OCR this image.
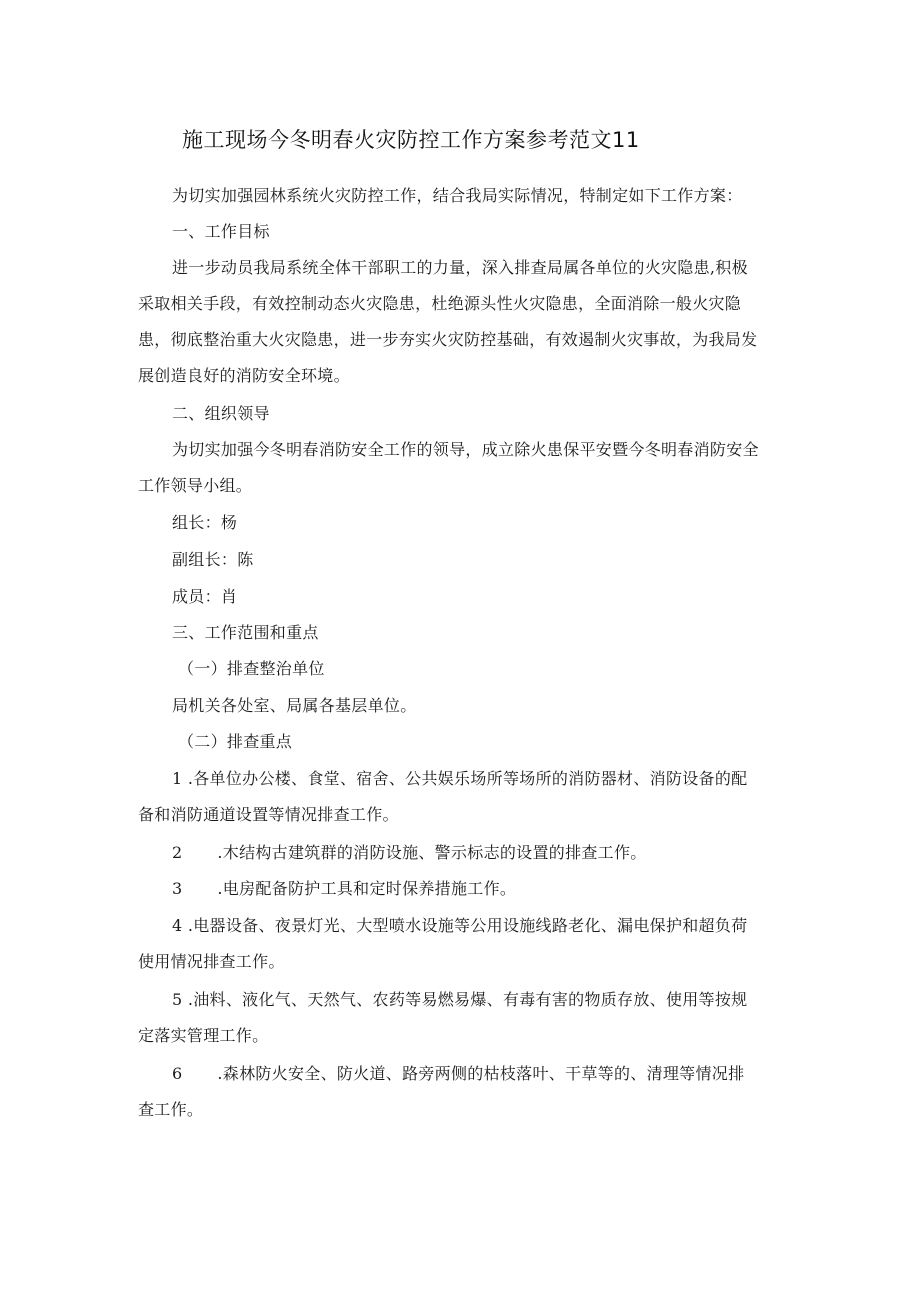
施工现场今冬明春火灾防控工作方案参考范文11

为切实加强园林系统火灾防控工作，结合我局实际情况，特制定如下工作方案：

一、工作目标

进一步动员我局系统全体干部职工的力量，深入排查局属各单位的火灾隐患,积极

采取相关手段，有效控制动态火灾隐患，杜绝源头性火灾隐患，全面消除一般火灾隐

患，彻底整治重大火灾隐患，进一步夯实火灾防控基础，有效遏制火灾事故，为我局发

展创造良好的消防安全环境。

二、组织领导

为切实加强今冬明春消防安全工作的领导，成立除火患保平安暨今冬明春消防安全

工作领导小组。

组长：杨

副组长：陈

成员：肖

三、工作范围和重点

（一）排查整治单位

局机关各处室、局属各基层单位。

（二）排查重点

1 .各单位办公楼、食堂、宿舍、公共娱乐场所等场所的消防器材、消防设备的配

备和消防通道设置等情况排查工作。

2 .木结构古建筑群的消防设施、警示标志的设置的排查工作。

3 .电房配备防护工具和定时保养措施工作。

4 .电器设备、夜景灯光、大型喷水设施等公用设施线路老化、漏电保护和超负荷

使用情况排查工作。

5 .油料、液化气、天然气、农药等易燃易爆、有毒有害的物质存放、使用等按规

定落实管理工作。

6 .森林防火安全、防火道、路旁两侧的枯枝落叶、干草等的、清理等情况排

查工作。
